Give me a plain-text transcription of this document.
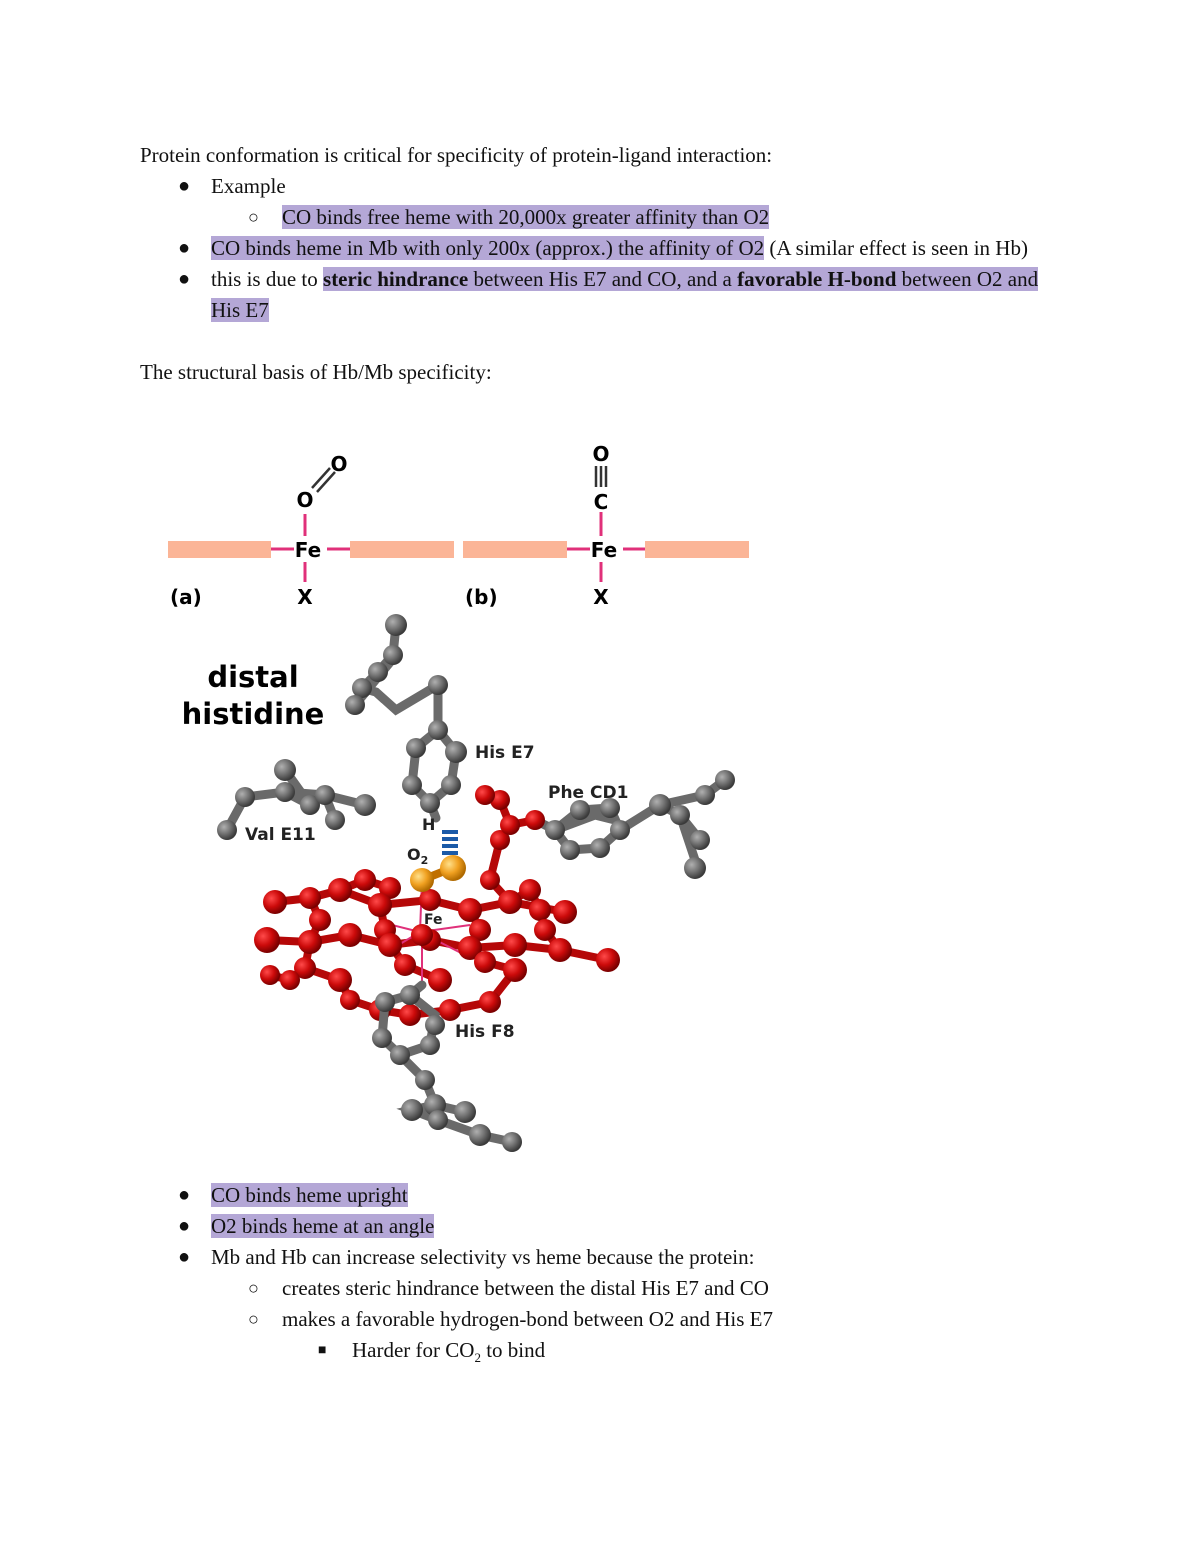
Protein conformation is critical for specificity of protein-ligand interaction:

● Example
○ CO binds free heme with 20,000x greater affinity than O2
● CO binds heme in Mb with only 200x (approx.) the affinity of O2 (A similar effect is seen in Hb)
● this is due to steric hindrance between His E7 and CO, and a favorable H-bond between O2 and His E7

The structural basis of Hb/Mb specificity:

Fe
X
O
O
(a)
Fe
X
O
C
(b)
distal
histidine
His E7
Phe CD1
Val E11
H
$O_2$
Fe
His F8
● CO binds heme upright
● O2 binds heme at an angle
● Mb and Hb can increase selectivity vs heme because the protein:
○ creates steric hindrance between the distal His E7 and CO
○ makes a favorable hydrogen-bond between O2 and His E7
■ Harder for $CO_2$ to bind
